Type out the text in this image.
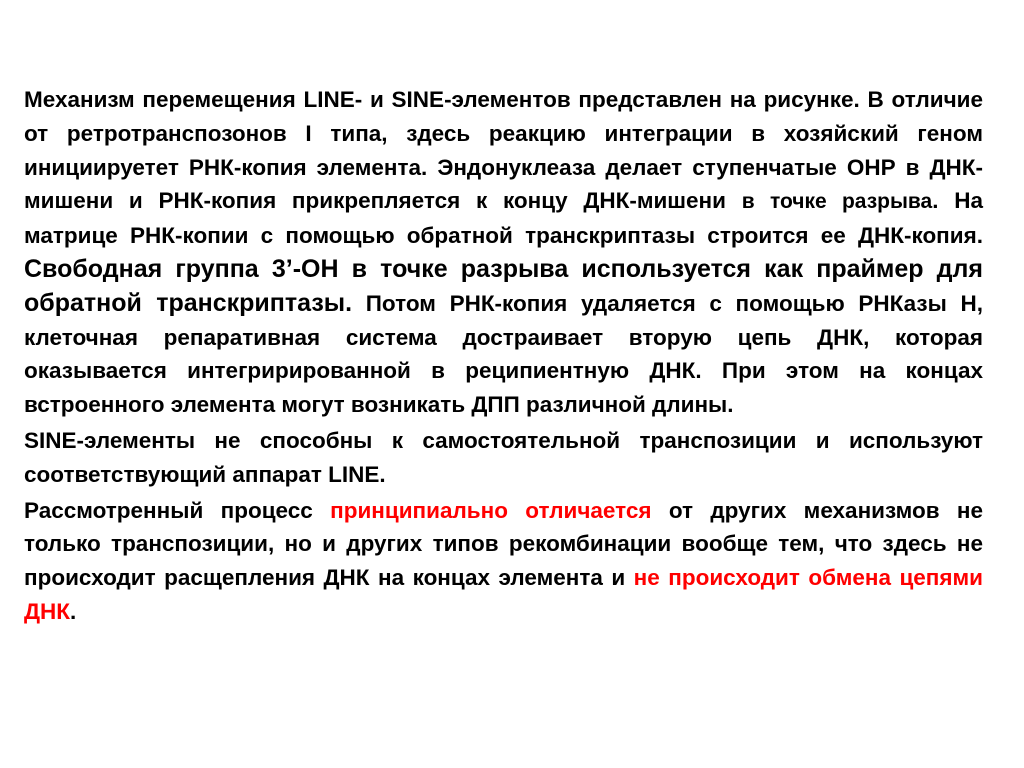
Механизм перемещения LINE- и SINE-элементов представлен на рисунке. В отличие от ретротранспозонов I типа, здесь реакцию интеграции в хозяйский геном инициируетет РНК-копия элемента. Эндонуклеаза делает ступенчатые ОНР в ДНК-мишени и РНК-копия прикрепляется к концу ДНК-мишени в точке разрыва. На матрице РНК-копии с помощью обратной транскриптазы строится ее ДНК-копия. Свободная группа 3’-ОН в точке разрыва используется как праймер для обратной транскриптазы. Потом РНК-копия удаляется с помощью РНКазы Н, клеточная репаративная система достраивает вторую цепь ДНК, которая оказывается интегрирированной в реципиентную ДНК. При этом на концах встроенного элемента могут возникать ДПП различной длины.

SINE-элементы не способны к самостоятельной транспозиции и используют соответствующий аппарат LINE.

Рассмотренный процесс принципиально отличается от других механизмов не только транспозиции, но и других типов рекомбинации вообще тем, что здесь не происходит расщепления ДНК на концах элемента и не происходит обмена цепями ДНК.
